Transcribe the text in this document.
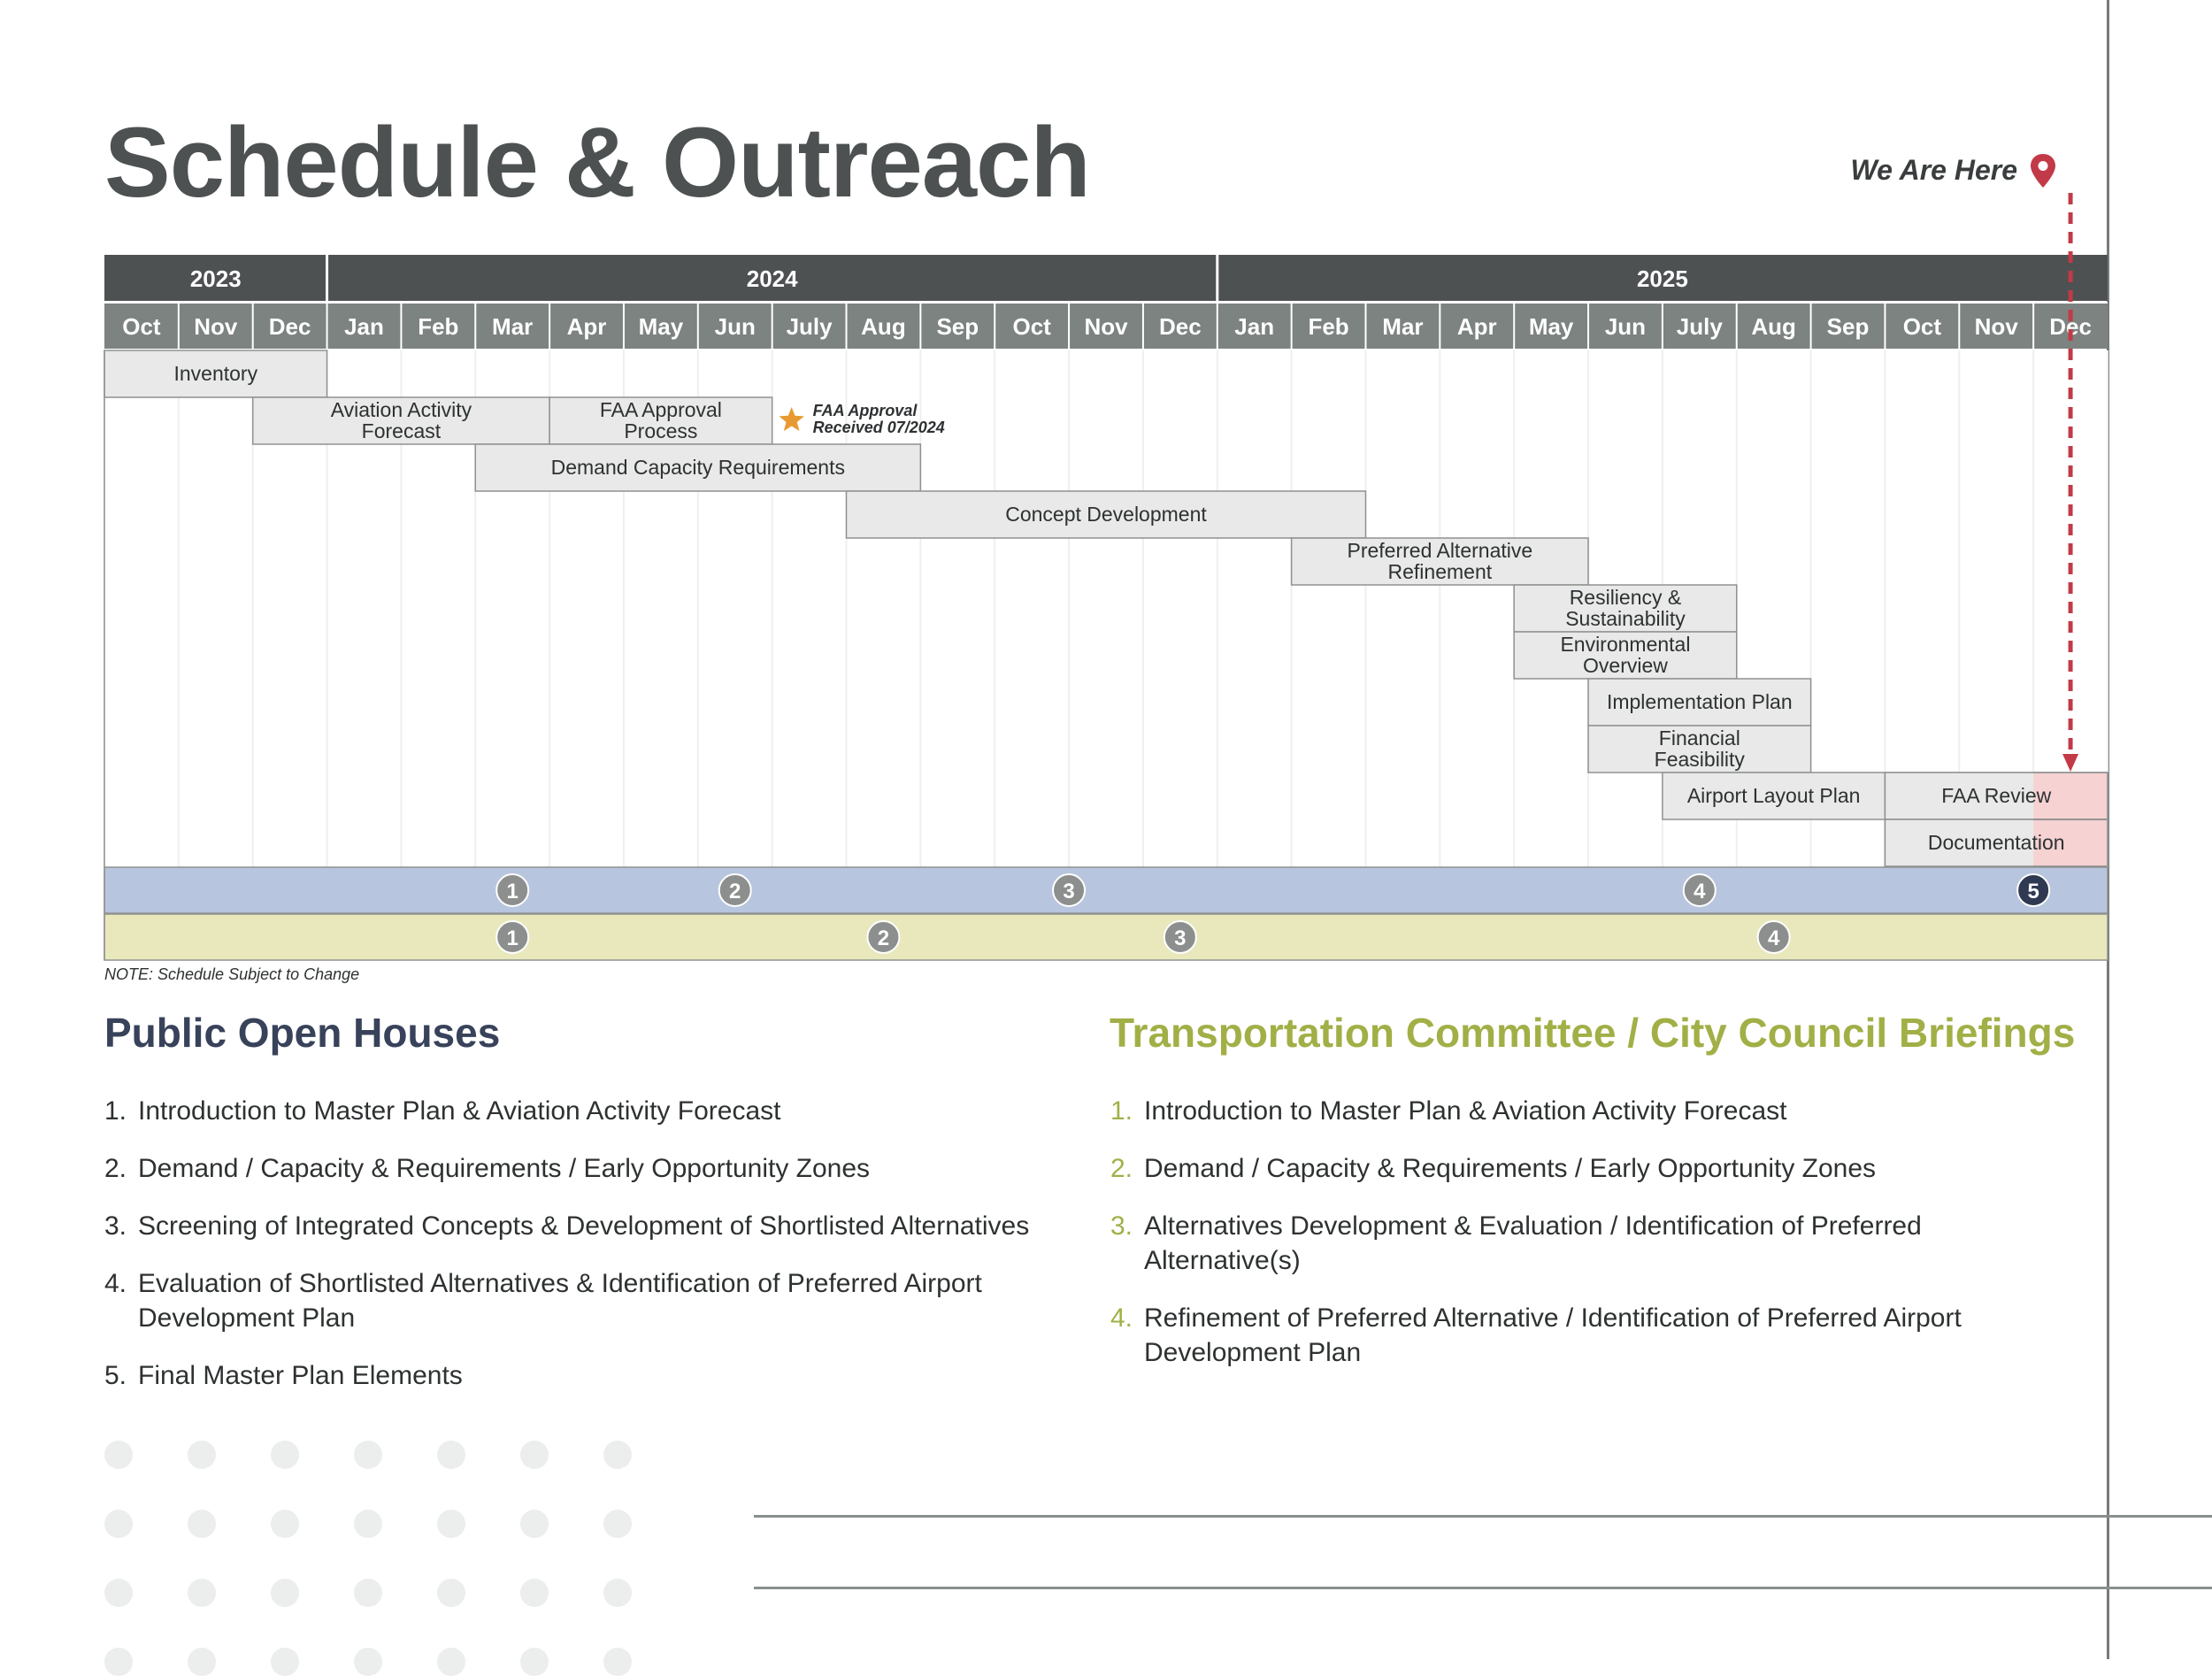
Schedule & Outreach	We Are Here
2023	2024	2025
Oct Nov Dec Jan Feb Mar Apr May Jun July Aug Sep Oct Nov Dec Jan Feb Mar Apr May Jun July Aug Sep Oct Nov Dec
Inventory
Aviation Activity
Forecast
FAA Approval
Process
Demand Capacity Requirements
Concept Development
Preferred Alternative
Refinement
Resiliency &
Sustainability
Environmental
Overview
Implementation Plan
Financial
Feasibility
Airport Layout Plan	FAA Review
Documentation
FAA Approval
Received 07/2024
1	2	3	4	5
1	2	3	4
NOTE: Schedule Subject to Change
Public Open Houses
1. Introduction to Master Plan & Aviation Activity Forecast
2. Demand / Capacity & Requirements / Early Opportunity Zones
3. Screening of Integrated Concepts & Development of Shortlisted Alternatives
4. Evaluation of Shortlisted Alternatives & Identification of Preferred Airport Development Plan
5. Final Master Plan Elements
Transportation Committee / City Council Briefings
1. Introduction to Master Plan & Aviation Activity Forecast
2. Demand / Capacity & Requirements / Early Opportunity Zones
3. Alternatives Development & Evaluation / Identification of Preferred Alternative(s)
4. Refinement of Preferred Alternative / Identification of Preferred Airport Development Plan
